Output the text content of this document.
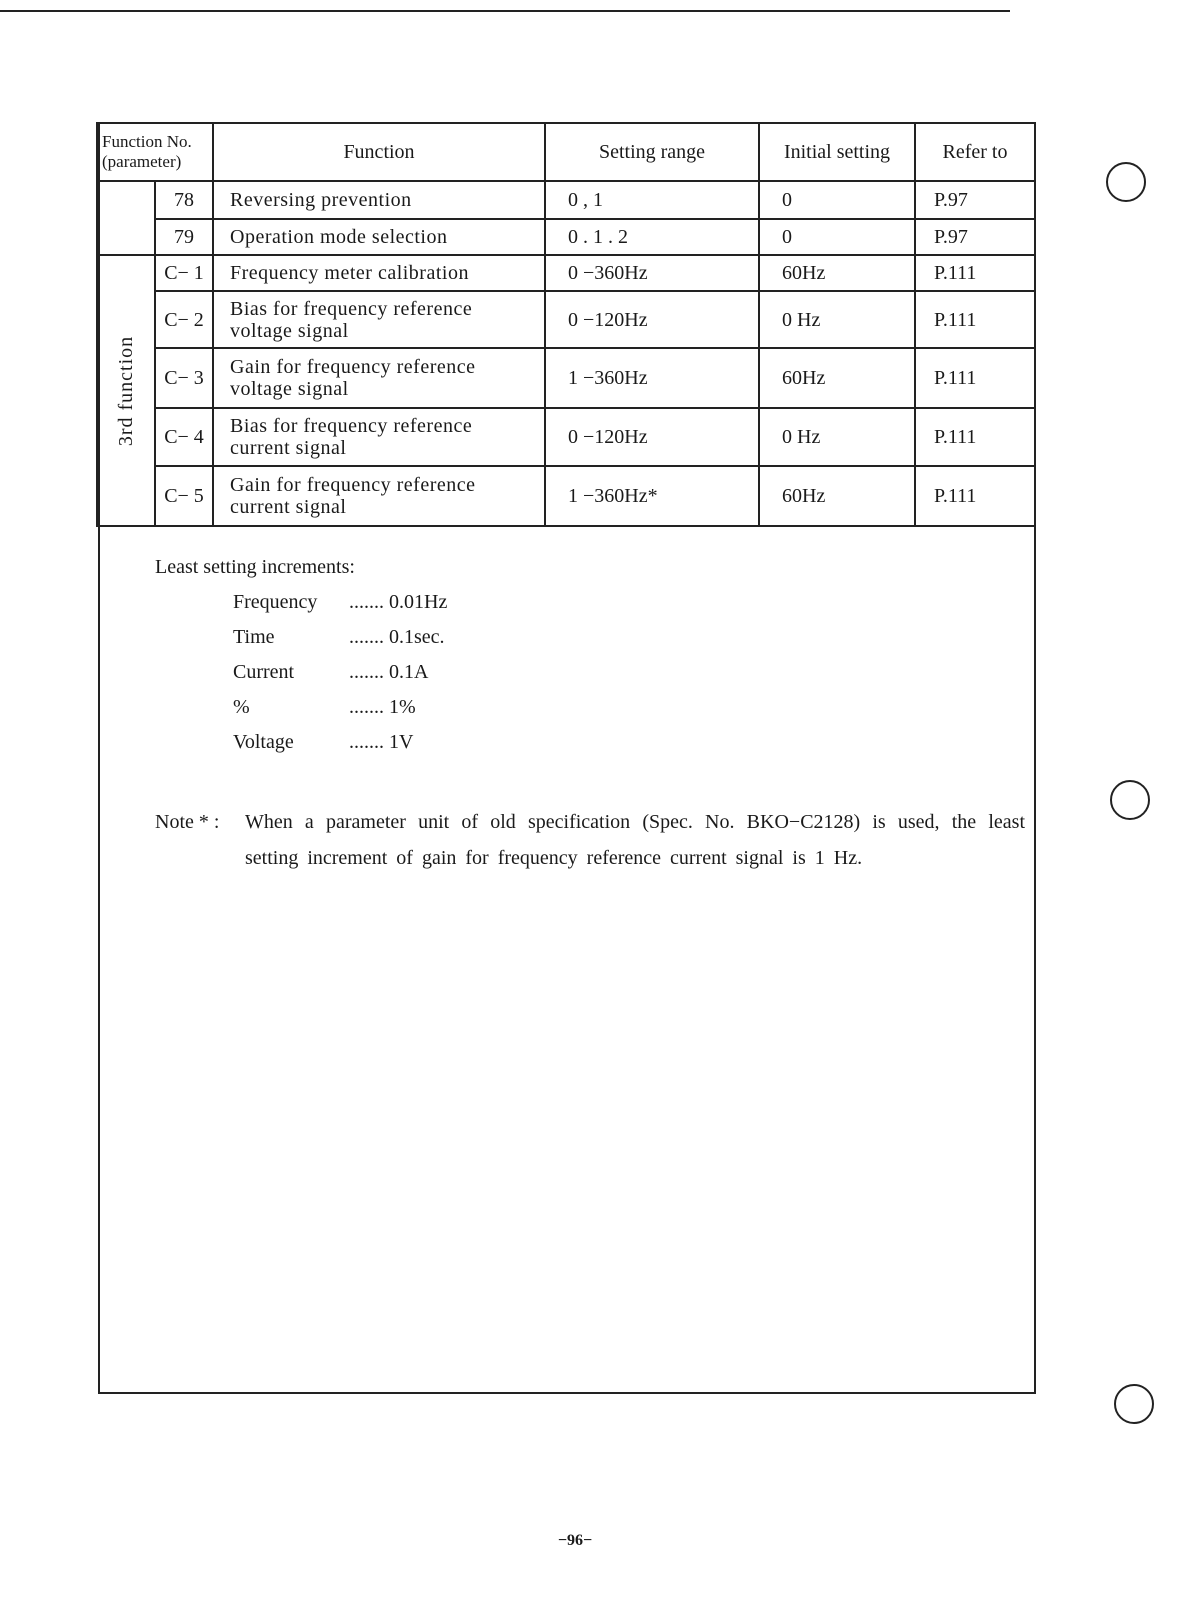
Function No. (parameter)		Function	Setting range	Initial setting	Refer to
	78	Reversing prevention	0 , 1	0	P.97
	79	Operation mode selection	0 . 1 . 2	0	P.97

3rd function	C− 1	Frequency meter calibration	0 −360Hz	60Hz	P.111
	C− 2	Bias for frequency reference voltage signal	0 −120Hz	0 Hz	P.111
	C− 3	Gain for frequency reference voltage signal	1 −360Hz	60Hz	P.111
	C− 4	Bias for frequency reference current signal	0 −120Hz	0 Hz	P.111
	C− 5	Gain for frequency reference current signal	1 −360Hz*	60Hz	P.111
Least setting increments:
Frequency	....... 0.01Hz
Time	....... 0.1sec.
Current	....... 0.1A
%	....... 1%
Voltage	....... 1V
Note * : When a parameter unit of old specification (Spec. No. BKO−C2128) is used, the least setting increment of gain for frequency reference current signal is 1 Hz.
−96−
